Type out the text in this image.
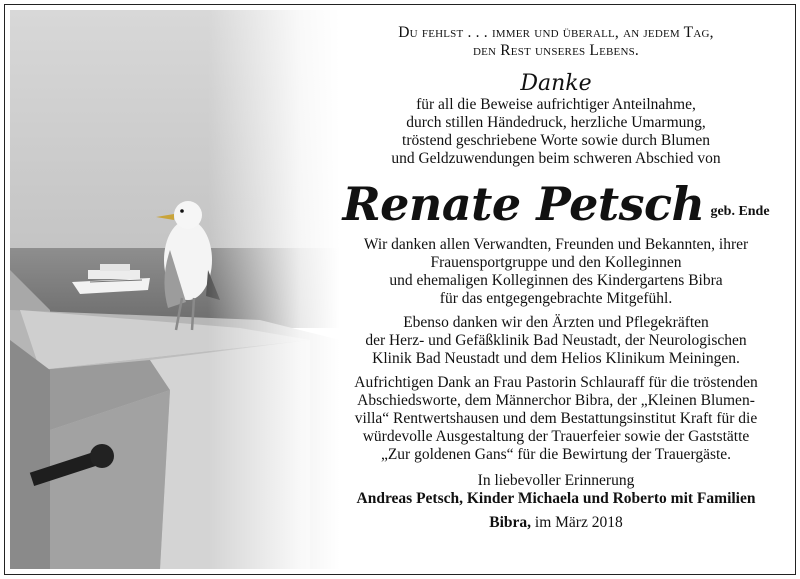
Du fehlst . . . immer und überall, an jedem Tag,
den Rest unseres Lebens.
Danke
für all die Beweise aufrichtiger Anteilnahme,
durch stillen Händedruck, herzliche Umarmung,
tröstend geschriebene Worte sowie durch Blumen
und Geldzuwendungen beim schweren Abschied von
Renate Petsch geb. Ende
Wir danken allen Verwandten, Freunden und Bekannten, ihrer
Frauensportgruppe und den Kolleginnen
und ehemaligen Kolleginnen des Kindergartens Bibra
für das entgegengebrachte Mitgefühl.
Ebenso danken wir den Ärzten und Pflegekräften
der Herz- und Gefäßklinik Bad Neustadt, der Neurologischen
Klinik Bad Neustadt und dem Helios Klinikum Meiningen.
Aufrichtigen Dank an Frau Pastorin Schlauraff für die tröstenden
Abschiedsworte, dem Männerchor Bibra, der „Kleinen Blumen-
villa“ Rentwertshausen und dem Bestattungsinstitut Kraft für die
würdevolle Ausgestaltung der Trauerfeier sowie der Gaststätte
„Zur goldenen Gans“ für die Bewirtung der Trauergäste.
In liebevoller Erinnerung
Andreas Petsch, Kinder Michaela und Roberto mit Familien
Bibra, im März 2018
